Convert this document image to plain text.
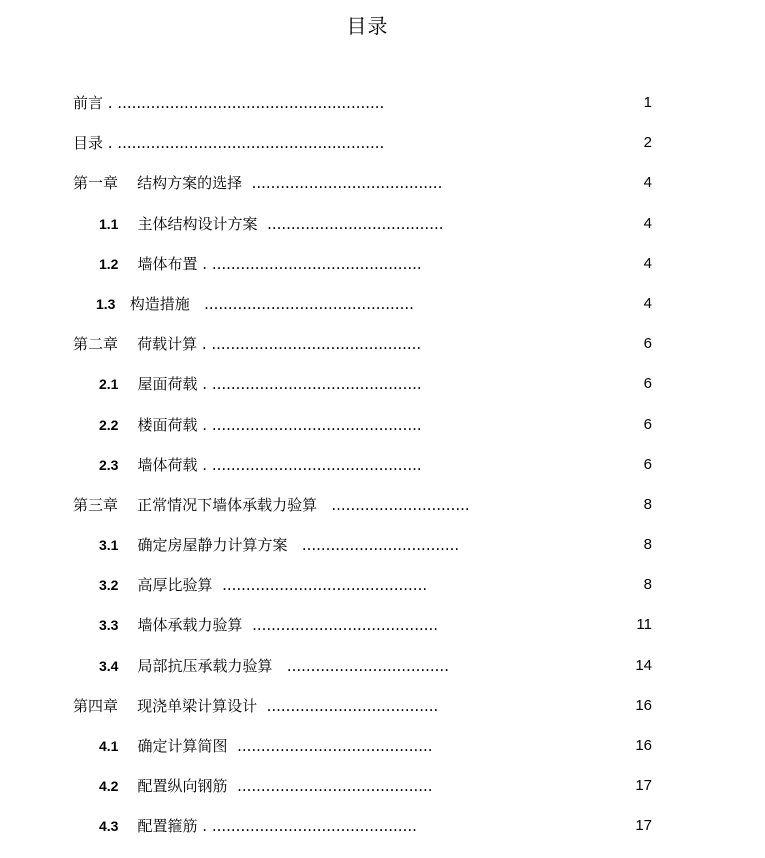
目录
前言 . ........................................................	1
目录 . ........................................................	2
第一章    结构方案的选择  ........................................	4
1.1    主体结构设计方案  .....................................	4
1.2    墙体布置 . ............................................	4
1.3   构造措施   ............................................	4
第二章    荷载计算 . ............................................	6
2.1    屋面荷载 . ............................................	6
2.2    楼面荷载 . ............................................	6
2.3    墙体荷载 . ............................................	6
第三章    正常情况下墙体承载力验算   .............................	8
3.1    确定房屋静力计算方案   .................................	8
3.2    高厚比验算  ...........................................	8
3.3    墙体承载力验算  .......................................	11
3.4    局部抗压承载力验算   ..................................	14
第四章    现浇单梁计算设计  ....................................	16
4.1    确定计算简图  .........................................	16
4.2    配置纵向钢筋  .........................................	17
4.3    配置箍筋 . ...........................................	17
